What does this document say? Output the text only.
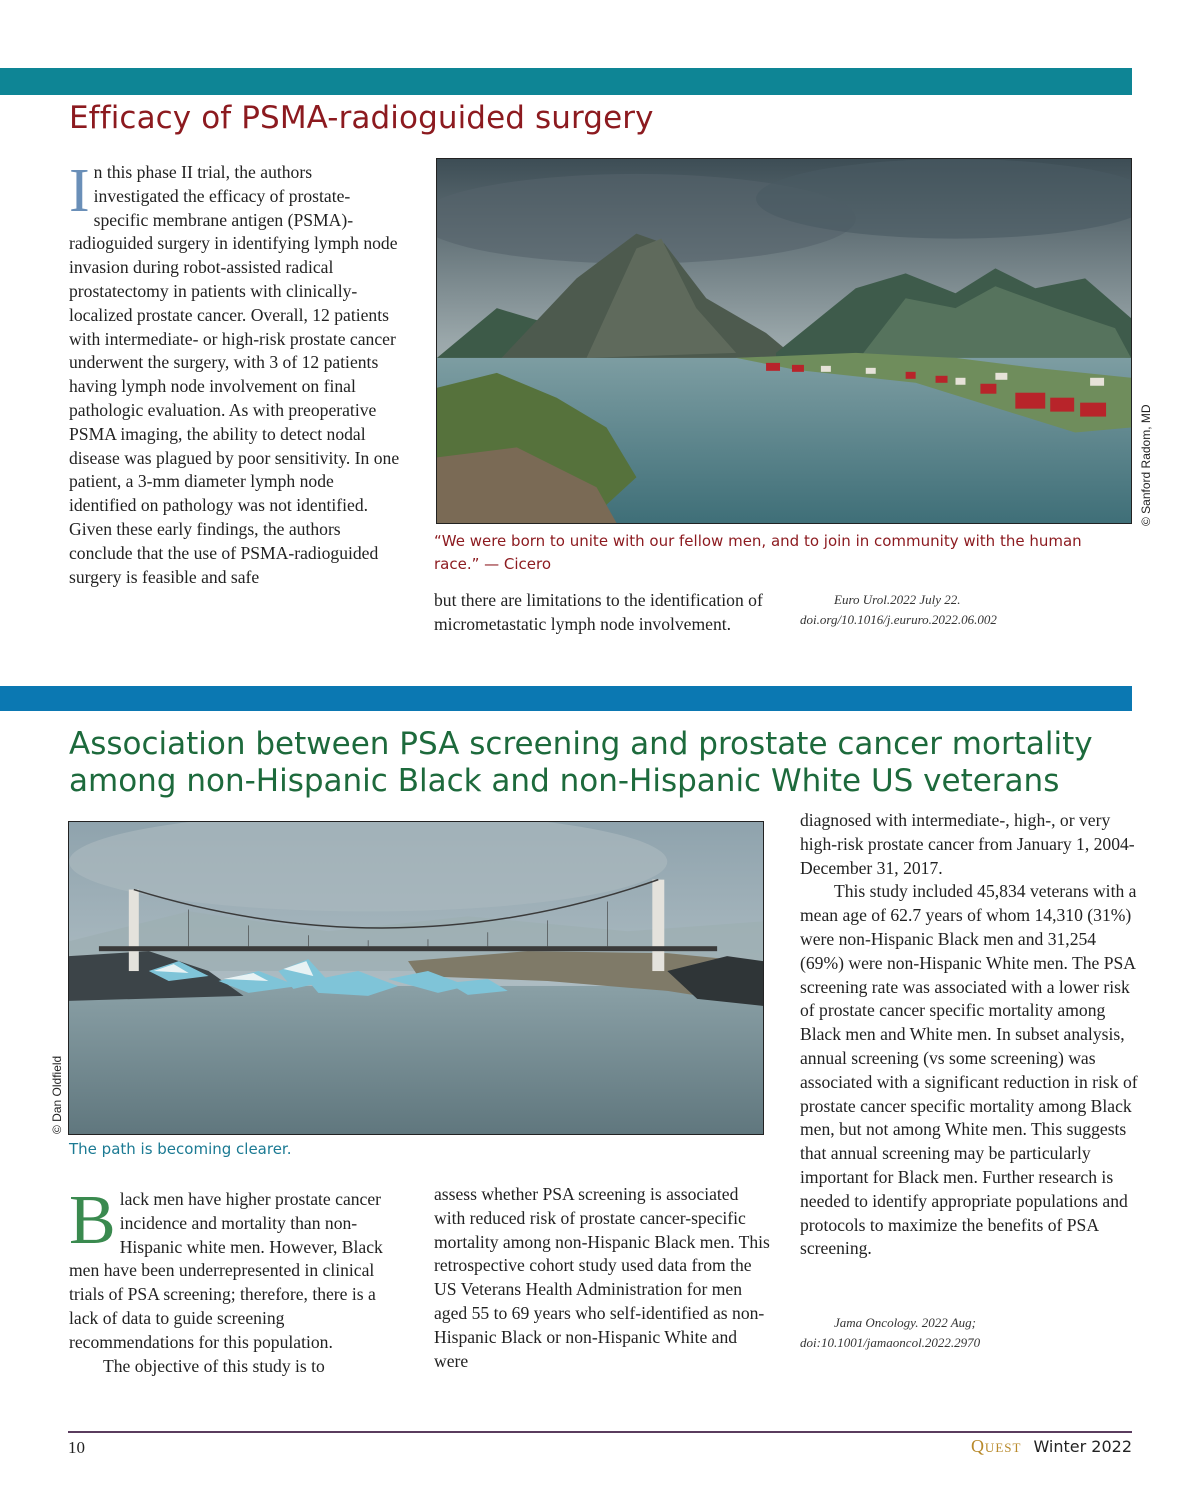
Efficacy of PSMA-radioguided surgery

In this phase II trial, the authors investigated the efficacy of prostate-specific membrane antigen (PSMA)-radioguided surgery in identifying lymph node invasion during robot-assisted radical prostatectomy in patients with clinically-localized prostate cancer. Overall, 12 patients with intermediate- or high-risk prostate cancer underwent the surgery, with 3 of 12 patients having lymph node involvement on final pathologic evaluation. As with preoperative PSMA imaging, the ability to detect nodal disease was plagued by poor sensitivity. In one patient, a 3-mm diameter lymph node identified on pathology was not identified. Given these early findings, the authors conclude that the use of PSMA-radioguided surgery is feasible and safe

© Sanford Radom, MD
“We were born to unite with our fellow men, and to join in community with the human race.” — Cicero

but there are limitations to the identification of micrometastatic lymph node involvement.

Euro Urol.2022 July 22.
doi.org/10.1016/j.eururo.2022.06.002
Association between PSA screening and prostate cancer mortality among non-Hispanic Black and non-Hispanic White US veterans
© Dan Oldfield
The path is becoming clearer.

Black men have higher prostate cancer incidence and mortality than non-Hispanic white men. However, Black men have been underrepresented in clinical trials of PSA screening; therefore, there is a lack of data to guide screening recommendations for this population.

The objective of this study is to

assess whether PSA screening is associated with reduced risk of prostate cancer-specific mortality among non-Hispanic Black men. This retrospective cohort study used data from the US Veterans Health Administration for men aged 55 to 69 years who self-identified as non-Hispanic Black or non-Hispanic White and were

diagnosed with intermediate-, high-, or very high-risk prostate cancer from January 1, 2004-December 31, 2017.

This study included 45,834 veterans with a mean age of 62.7 years of whom 14,310 (31%) were non-Hispanic Black men and 31,254 (69%) were non-Hispanic White men. The PSA screening rate was associated with a lower risk of prostate cancer specific mortality among Black men and White men. In subset analysis, annual screening (vs some screening) was associated with a significant reduction in risk of prostate cancer specific mortality among Black men, but not among White men. This suggests that annual screening may be particularly important for Black men. Further research is needed to identify appropriate populations and protocols to maximize the benefits of PSA screening.

Jama Oncology. 2022 Aug;
doi:10.1001/jamaoncol.2022.2970
10	Quest Winter 2022
